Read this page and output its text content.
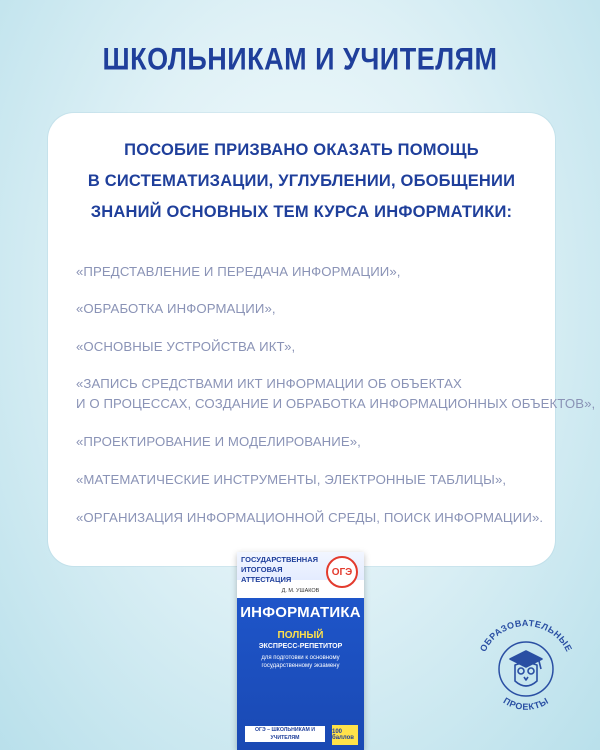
ШКОЛЬНИКАМ И УЧИТЕЛЯМ
ПОСОБИЕ ПРИЗВАНО ОКАЗАТЬ ПОМОЩЬ
В СИСТЕМАТИЗАЦИИ, УГЛУБЛЕНИИ, ОБОБЩЕНИИ
ЗНАНИЙ ОСНОВНЫХ ТЕМ КУРСА ИНФОРМАТИКИ:
«ПРЕДСТАВЛЕНИЕ И ПЕРЕДАЧА ИНФОРМАЦИИ»,
«ОБРАБОТКА ИНФОРМАЦИИ»,
«ОСНОВНЫЕ УСТРОЙСТВА ИКТ»,
«ЗАПИСЬ СРЕДСТВАМИ ИКТ ИНФОРМАЦИИ ОБ ОБЪЕКТАХ
И О ПРОЦЕССАХ, СОЗДАНИЕ И ОБРАБОТКА ИНФОРМАЦИОННЫХ ОБЪЕКТОВ»,
«ПРОЕКТИРОВАНИЕ И МОДЕЛИРОВАНИЕ»,
«МАТЕМАТИЧЕСКИЕ ИНСТРУМЕНТЫ, ЭЛЕКТРОННЫЕ ТАБЛИЦЫ»,
«ОРГАНИЗАЦИЯ ИНФОРМАЦИОННОЙ СРЕДЫ, ПОИСК ИНФОРМАЦИИ».
ГОСУДАРСТВЕННАЯ ИТОГОВАЯ АТТЕСТАЦИЯ
ОГЭ
Д. М. УШАКОВ
ИНФОРМАТИКА
ПОЛНЫЙ
ЭКСПРЕСС-РЕПЕТИТОР
для подготовки к основному государственному экзамену
ОГЭ – ШКОЛЬНИКАМ И УЧИТЕЛЯМ
100 баллов
ОБРАЗОВАТЕЛЬНЫЕ
ПРОЕКТЫ
